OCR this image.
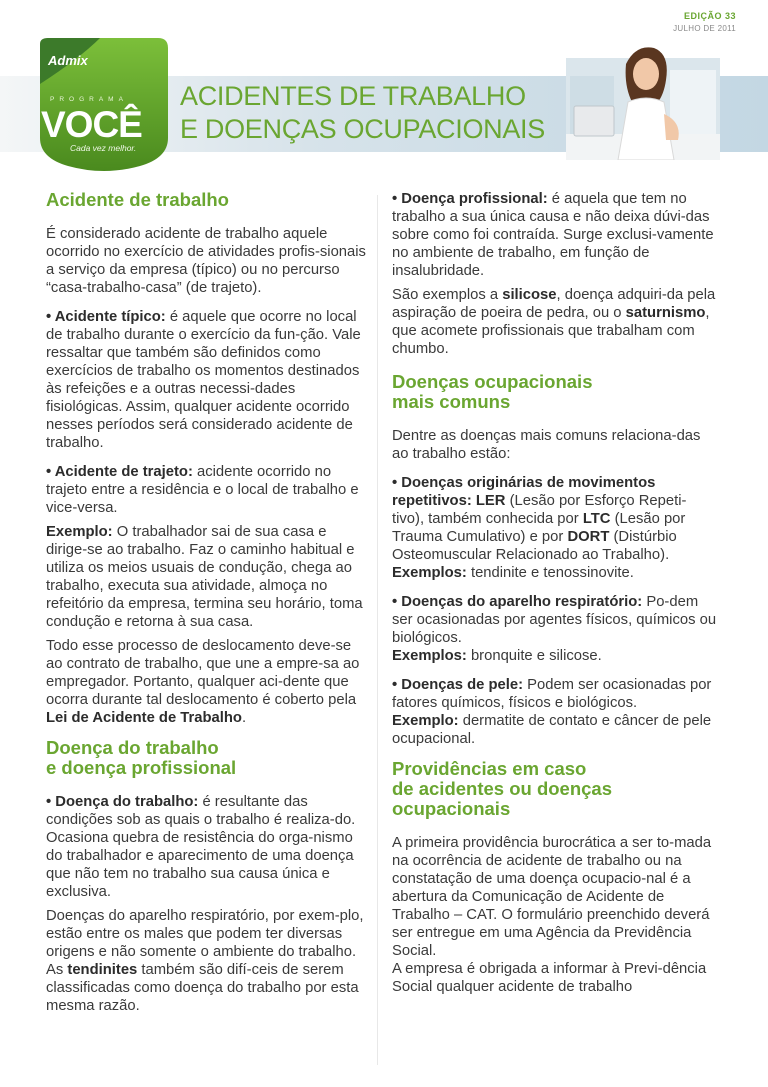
EDIÇÃO 33
JULHO DE 2011
Admix
PROGRAMA
VOCÊ
Cada vez melhor.
ACIDENTES DE TRABALHO
E DOENÇAS OCUPACIONAIS
Acidente de trabalho

É considerado acidente de trabalho aquele ocorrido no exercício de atividades profis-sionais a serviço da empresa (típico) ou no percurso “casa-trabalho-casa” (de trajeto).

• Acidente típico: é aquele que ocorre no local de trabalho durante o exercício da fun-ção. Vale ressaltar que também são definidos como exercícios de trabalho os momentos destinados às refeições e a outras necessi-dades fisiológicas. Assim, qualquer acidente ocorrido nesses períodos será considerado acidente de trabalho.

• Acidente de trajeto: acidente ocorrido no trajeto entre a residência e o local de trabalho e vice-versa.

Exemplo: O trabalhador sai de sua casa e dirige-se ao trabalho. Faz o caminho habitual e utiliza os meios usuais de condução, chega ao trabalho, executa sua atividade, almoça no refeitório da empresa, termina seu horário, toma condução e retorna à sua casa.

Todo esse processo de deslocamento deve-se ao contrato de trabalho, que une a empre-sa ao empregador. Portanto, qualquer aci-dente que ocorra durante tal deslocamento é coberto pela Lei de Acidente de Trabalho.

Doença do trabalho
e doença profissional

• Doença do trabalho: é resultante das condições sob as quais o trabalho é realiza-do. Ocasiona quebra de resistência do orga-nismo do trabalhador e aparecimento de uma doença que não tem no trabalho sua causa única e exclusiva.

Doenças do aparelho respiratório, por exem-plo, estão entre os males que podem ter diversas origens e não somente o ambiente do trabalho. As tendinites também são difí-ceis de serem classificadas como doença do trabalho por esta mesma razão.

• Doença profissional: é aquela que tem no trabalho a sua única causa e não deixa dúvi-das sobre como foi contraída. Surge exclusi-vamente no ambiente de trabalho, em função de insalubridade.

São exemplos a silicose, doença adquiri-da pela aspiração de poeira de pedra, ou o saturnismo, que acomete profissionais que trabalham com chumbo.

Doenças ocupacionais
mais comuns

Dentre as doenças mais comuns relaciona-das ao trabalho estão:

• Doenças originárias de movimentos repetitivos: LER (Lesão por Esforço Repeti-tivo), também conhecida por LTC (Lesão por Trauma Cumulativo) e por DORT (Distúrbio Osteomuscular Relacionado ao Trabalho).
Exemplos: tendinite e tenossinovite.

• Doenças do aparelho respiratório: Po-dem ser ocasionadas por agentes físicos, químicos ou biológicos.
Exemplos: bronquite e silicose.

• Doenças de pele: Podem ser ocasionadas por fatores químicos, físicos e biológicos.
Exemplo: dermatite de contato e câncer de pele ocupacional.

Providências em caso
de acidentes ou doenças
ocupacionais

A primeira providência burocrática a ser to-mada na ocorrência de acidente de trabalho ou na constatação de uma doença ocupacio-nal é a abertura da Comunicação de Acidente de Trabalho – CAT. O formulário preenchido deverá ser entregue em uma Agência da Previdência Social.

A empresa é obrigada a informar à Previ-dência Social qualquer acidente de trabalho
